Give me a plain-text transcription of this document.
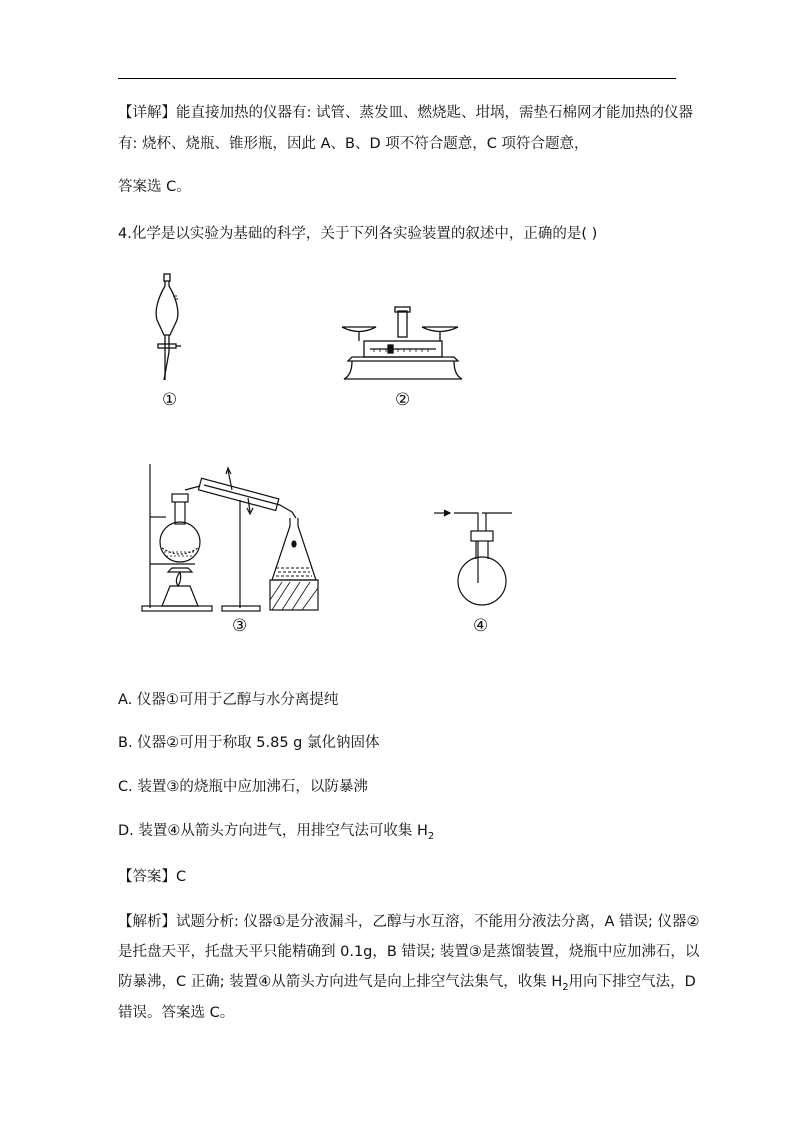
【详解】能直接加热的仪器有: 试管、蒸发皿、燃烧匙、坩埚，需垫石棉网才能加热的仪器
有: 烧杯、烧瓶、锥形瓶，因此 A、B、D 项不符合题意，C 项符合题意，
答案选 C。
4.化学是以实验为基础的科学，关于下列各实验装置的叙述中，正确的是( )
①	②
③	④
A. 仪器①可用于乙醇与水分离提纯
B. 仪器②可用于称取 5.85 g 氯化钠固体
C. 装置③的烧瓶中应加沸石，以防暴沸
D. 装置④从箭头方向进气，用排空气法可收集 $H_2$
【答案】C
【解析】试题分析: 仪器①是分液漏斗，乙醇与水互溶，不能用分液法分离，A 错误; 仪器②
是托盘天平，托盘天平只能精确到 0.1g，B 错误; 装置③是蒸馏装置，烧瓶中应加沸石，以
防暴沸，C 正确; 装置④从箭头方向进气是向上排空气法集气，收集 $H_2$用向下排空气法，D
错误。答案选 C。
